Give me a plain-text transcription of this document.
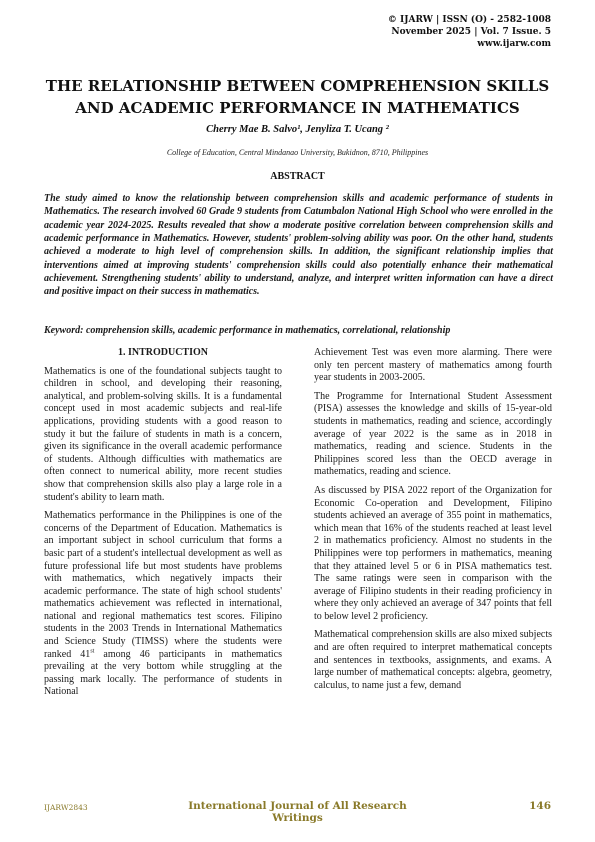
© IJARW | ISSN (O) - 2582-1008
November 2025 | Vol. 7 Issue. 5
www.ijarw.com
THE RELATIONSHIP BETWEEN COMPREHENSION SKILLS AND ACADEMIC PERFORMANCE IN MATHEMATICS
Cherry Mae B. Salvo¹, Jenyliza T. Ucang ²
College of Education, Central Mindanao University, Bukidnon, 8710, Philippines
ABSTRACT

The study aimed to know the relationship between comprehension skills and academic performance of students in Mathematics. The research involved 60 Grade 9 students from Catumbalon National High School who were enrolled in the academic year 2024-2025. Results revealed that show a moderate positive correlation between comprehension skills and academic performance in Mathematics. However, students' problem-solving ability was poor. On the other hand, students achieved a moderate to high level of comprehension skills. In addition, the significant relationship implies that interventions aimed at improving students' comprehension skills could also potentially enhance their mathematical achievement. Strengthening students' ability to understand, analyze, and interpret written information can have a direct and positive impact on their success in mathematics.

Keyword: comprehension skills, academic performance in mathematics, correlational, relationship

1. INTRODUCTION

Mathematics is one of the foundational subjects taught to children in school, and developing their reasoning, analytical, and problem-solving skills. It is a fundamental concept used in most academic subjects and real-life applications, providing students with a good reason to study it but the failure of students in math is a concern, given its significance in the overall academic performance of students. Although difficulties with mathematics are often connect to numerical ability, more recent studies show that comprehension skills also play a large role in a student's ability to learn math.

Mathematics performance in the Philippines is one of the concerns of the Department of Education. Mathematics is an important subject in school curriculum that forms a basic part of a student's intellectual development as well as future professional life but most students have problems with mathematics, which negatively impacts their academic performance. The state of high school students' mathematics achievement was reflected in international, national and regional mathematics test scores. Filipino students in the 2003 Trends in International Mathematics and Science Study (TIMSS) where the students were ranked 41st among 46 participants in mathematics prevailing at the very bottom while struggling at the passing mark locally. The performance of students in National

Achievement Test was even more alarming. There were only ten percent mastery of mathematics among fourth year students in 2003-2005.

The Programme for International Student Assessment (PISA) assesses the knowledge and skills of 15-year-old students in mathematics, reading and science, accordingly average of year 2022 is the same as in 2018 in mathematics, reading and science. Students in the Philippines scored less than the OECD average in mathematics, reading and science.

As discussed by PISA 2022 report of the Organization for Economic Co-operation and Development, Filipino students achieved an average of 355 point in mathematics, which mean that 16% of the students reached at least level 2 in mathematics proficiency. Almost no students in the Philippines were top performers in mathematics, meaning that they attained level 5 or 6 in PISA mathematics test. The same ratings were seen in comparison with the average of Filipino students in their reading proficiency in where they only achieved an average of 347 points that fell to below level 2 proficiency.

Mathematical comprehension skills are also mixed subjects and are often required to interpret mathematical concepts and sentences in textbooks, assignments, and exams. A large number of mathematical concepts: algebra, geometry, calculus, to name just a few, demand

IJARW2843	International Journal of All Research Writings
146
